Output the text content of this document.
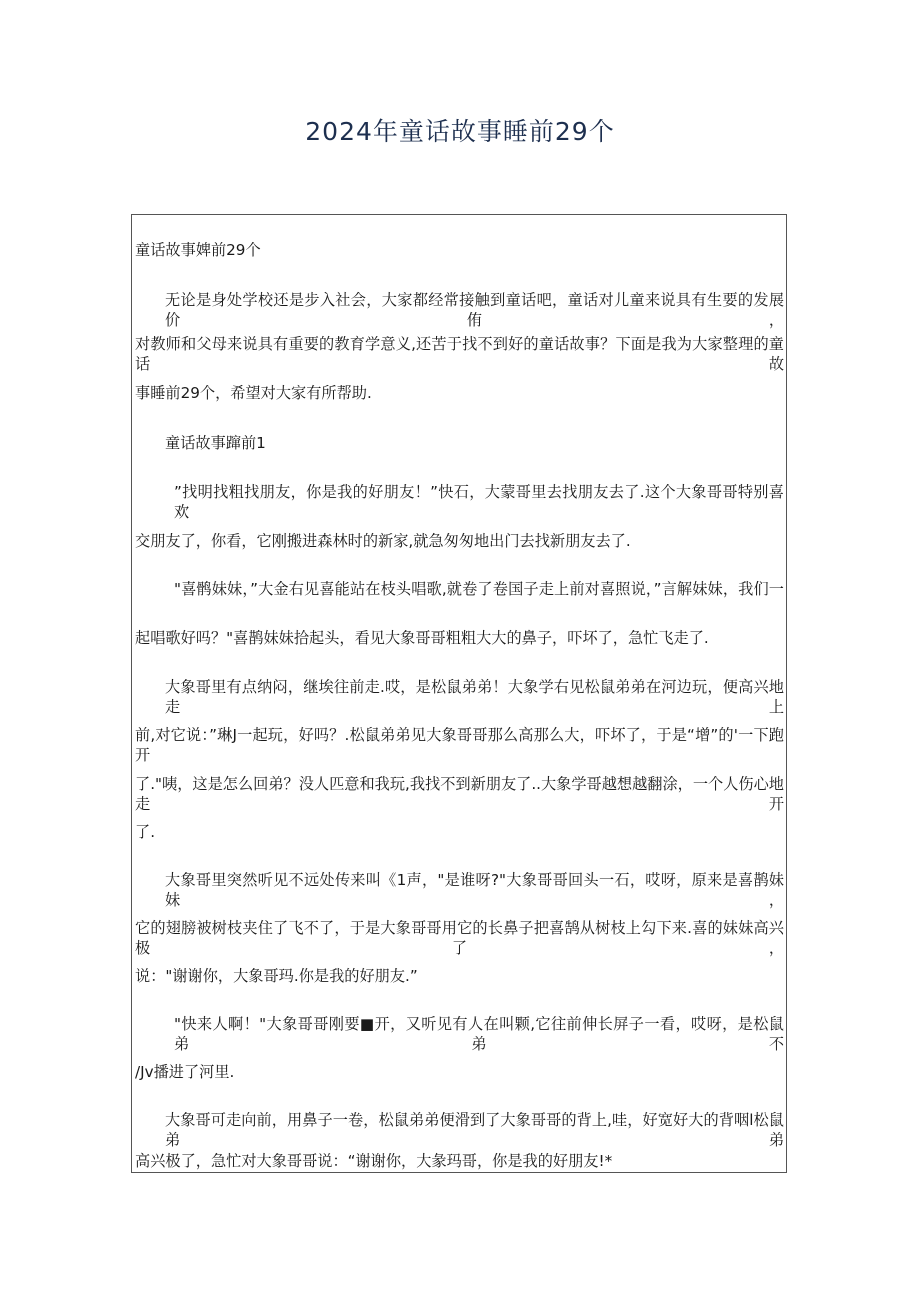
2024年童话故事睡前29个
童话故事婢前29个
无论是身处学校还是步入社会，大家都经常接触到童话吧，童话对儿童来说具有生要的发展价侑，
对教师和父母来说具有重要的教育学意义,还苦于找不到好的童话故事？下面是我为大家整理的童话故
事睡前29个，希望对大家有所帮助.
童话故事蹿前1
”找明找粗找朋友，你是我的好朋友！”快石，大蒙哥里去找朋友去了.这个大象哥哥特别喜欢
交朋友了，你看，它刚搬进森林时的新家,就急匆匆地出门去找新朋友去了.
"喜鹘妹妹，”大金右见喜能站在枝头唱歌,就卷了卷国子走上前对喜照说，”言解妹妹，我们一
起唱歌好吗？"喜鹊妹妹拾起头，看见大象哥哥粗粗大大的鼻子，吓坏了，急忙飞走了.
大象哥里有点纳闷，继埃往前走.哎，是松鼠弟弟！大象学右见松鼠弟弟在河边玩，便高兴地走上
前,对它说：”琳J一起玩，好吗？.松鼠弟弟见大象哥哥那么高那么大，吓坏了，于是“增”的'一下跑开
了."咦，这是怎么回弟？没人匹意和我玩,我找不到新朋友了..大象学哥越想越翻涂，一个人伤心地走开
了.
大象哥里突然听见不远处传来叫《1声，"是谁呀?"大象哥哥回头一石，哎呀，原来是喜鹊妹妹，
它的翅膀被树枝夹住了飞不了，于是大象哥哥用它的长鼻子把喜鹄从树枝上勾下来.喜的妹妹高兴极了，
说："谢谢你，大象哥玛.你是我的好朋友.”
"快来人啊！"大象哥哥刚要■开，又听见有人在叫颗,它往前伸长屏子一看，哎呀，是松鼠弟弟不
/Jv播进了河里.
大象哥可走向前，用鼻子一卷，松鼠弟弟便滑到了大象哥哥的背上,哇，好宽好大的背咽l松鼠弟弟
高兴极了，急忙对大象哥哥说：“谢谢你，大彖玛哥，你是我的好朋友!*
